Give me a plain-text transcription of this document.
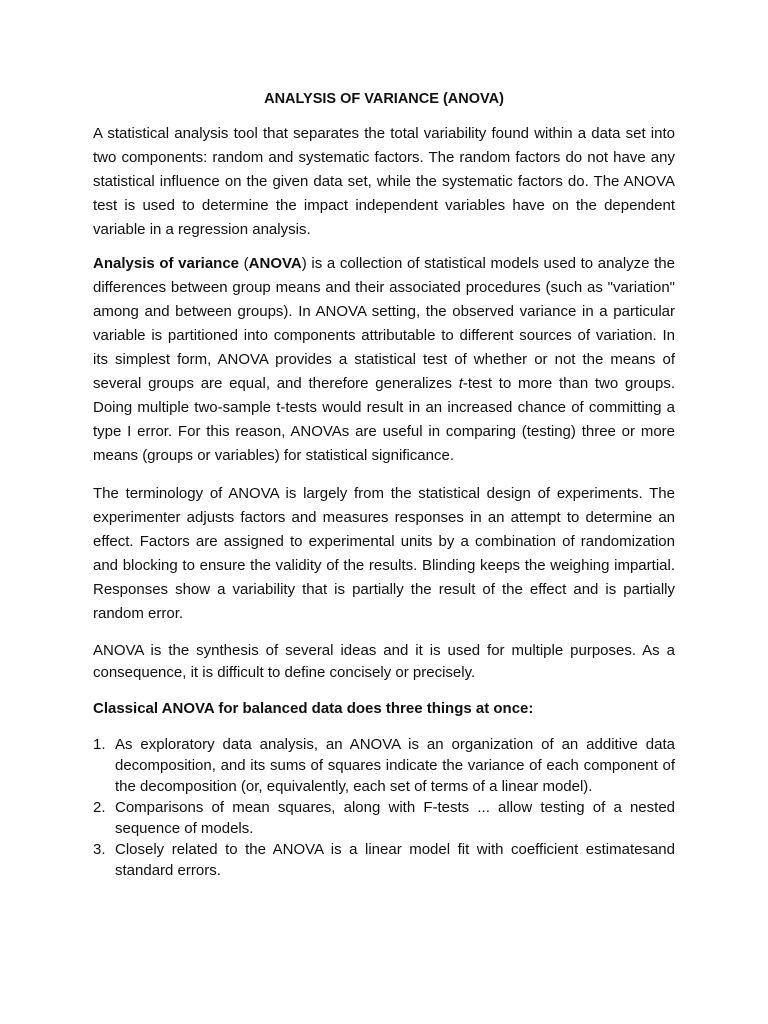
ANALYSIS OF VARIANCE (ANOVA)

A statistical analysis tool that separates the total variability found within a data set into two components: random and systematic factors. The random factors do not have any statistical influence on the given data set, while the systematic factors do. The ANOVA test is used to determine the impact independent variables have on the dependent variable in a regression analysis.

Analysis of variance (ANOVA) is a collection of statistical models used to analyze the differences between group means and their associated procedures (such as "variation" among and between groups). In ANOVA setting, the observed variance in a particular variable is partitioned into components attributable to different sources of variation. In its simplest form, ANOVA provides a statistical test of whether or not the means of several groups are equal, and therefore generalizes t-test to more than two groups. Doing multiple two-sample t-tests would result in an increased chance of committing a type I error. For this reason, ANOVAs are useful in comparing (testing) three or more means (groups or variables) for statistical significance.

The terminology of ANOVA is largely from the statistical design of experiments. The experimenter adjusts factors and measures responses in an attempt to determine an effect. Factors are assigned to experimental units by a combination of randomization and blocking to ensure the validity of the results. Blinding keeps the weighing impartial. Responses show a variability that is partially the result of the effect and is partially random error.

ANOVA is the synthesis of several ideas and it is used for multiple purposes. As a consequence, it is difficult to define concisely or precisely.

Classical ANOVA for balanced data does three things at once:
1. As exploratory data analysis, an ANOVA is an organization of an additive data decomposition, and its sums of squares indicate the variance of each component of the decomposition (or, equivalently, each set of terms of a linear model).
2. Comparisons of mean squares, along with F-tests ... allow testing of a nested sequence of models.
3. Closely related to the ANOVA is a linear model fit with coefficient estimatesand standard errors.
